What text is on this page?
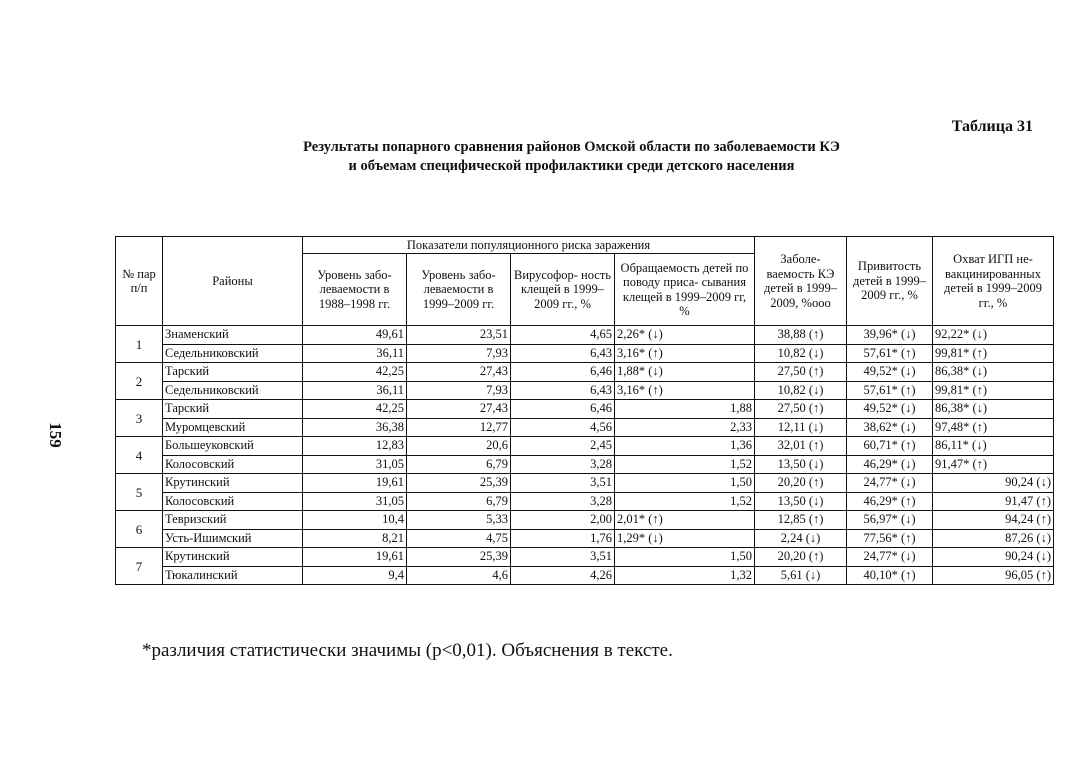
Таблица 31
Результаты попарного сравнения районов Омской области по заболеваемости КЭ
и объемам специфической профилактики среди детского населения
159
№ пар п/п	Районы	Показатели популяционного риска заражения				Заболе- ваемость КЭ детей в 1999–2009, %ооо	Привитость детей в 1999–2009 гг., %	Охват ИГП не- вакцинированных детей в 1999–2009 гг., %
		Уровень забо- леваемости в 1988–1998 гг.	Уровень забо- леваемости в 1999–2009 гг.	Вирусофор- ность клещей в 1999–2009 гг., %	Обращаемость детей по поводу приса- сывания клещей в 1999–2009 гг, %			
1	Знаменский	49,61	23,51	4,65	2,26* (↓)	38,88 (↑)	39,96* (↓)	92,22* (↓)
	Седельниковский	36,11	7,93	6,43	3,16* (↑)	10,82 (↓)	57,61* (↑)	99,81* (↑)
2	Тарский	42,25	27,43	6,46	1,88* (↓)	27,50 (↑)	49,52* (↓)	86,38* (↓)
	Седельниковский	36,11	7,93	6,43	3,16* (↑)	10,82 (↓)	57,61* (↑)	99,81* (↑)
3	Тарский	42,25	27,43	6,46	1,88	27,50 (↑)	49,52* (↓)	86,38* (↓)
	Муромцевский	36,38	12,77	4,56	2,33	12,11 (↓)	38,62* (↓)	97,48* (↑)
4	Большеуковский	12,83	20,6	2,45	1,36	32,01 (↑)	60,71* (↑)	86,11* (↓)
	Колосовский	31,05	6,79	3,28	1,52	13,50 (↓)	46,29* (↓)	91,47* (↑)
5	Крутинский	19,61	25,39	3,51	1,50	20,20 (↑)	24,77* (↓)	90,24 (↓)
	Колосовский	31,05	6,79	3,28	1,52	13,50 (↓)	46,29* (↑)	91,47 (↑)
6	Тевризский	10,4	5,33	2,00	2,01* (↑)	12,85 (↑)	56,97* (↓)	94,24 (↑)
	Усть-Ишимский	8,21	4,75	1,76	1,29* (↓)	2,24 (↓)	77,56* (↑)	87,26 (↓)
7	Крутинский	19,61	25,39	3,51	1,50	20,20 (↑)	24,77* (↓)	90,24 (↓)
	Тюкалинский	9,4	4,6	4,26	1,32	5,61 (↓)	40,10* (↑)	96,05 (↑)
*различия статистически значимы (р<0,01). Объяснения в тексте.
